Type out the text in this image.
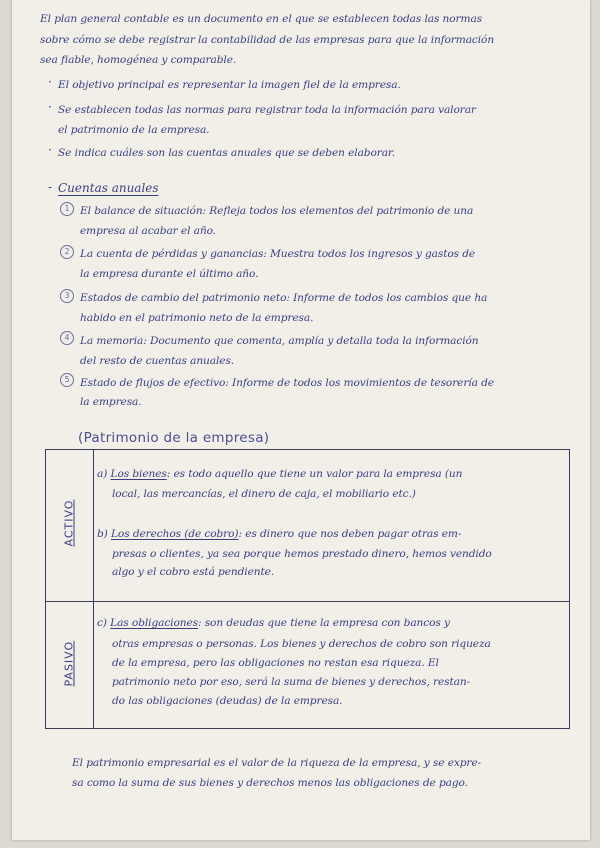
El plan general contable es un documento en el que se establecen todas las normas
sobre cómo se debe registrar la contabilidad de las empresas para que la información
sea fiable, homogénea y comparable.
· El objetivo principal es representar la imagen fiel de la empresa.
· Se establecen todas las normas para registrar toda la información para valorar
el patrimonio de la empresa.
· Se indica cuáles son las cuentas anuales que se deben elaborar.
- Cuentas anuales
1 El balance de situación: Refleja todos los elementos del patrimonio de una
empresa al acabar el año.
2 La cuenta de pérdidas y ganancias: Muestra todos los ingresos y gastos de
la empresa durante el último año.
3 Estados de cambio del patrimonio neto: Informe de todos los cambios que ha
habido en el patrimonio neto de la empresa.
4 La memoria: Documento que comenta, amplía y detalla toda la información
del resto de cuentas anuales.
5 Estado de flujos de efectivo: Informe de todos los movimientos de tesorería de
la empresa.
(Patrimonio de la empresa)
ACTIVO
PASIVO
a) Los bienes: es todo aquello que tiene un valor para la empresa (un
local, las mercancías, el dinero de caja, el mobiliario etc.)
b) Los derechos (de cobro): es dinero que nos deben pagar otras em-
presas o clientes, ya sea porque hemos prestado dinero, hemos vendido
algo y el cobro está pendiente.
c) Las obligaciones: son deudas que tiene la empresa con bancos y
otras empresas o personas. Los bienes y derechos de cobro son riqueza
de la empresa, pero las obligaciones no restan esa riqueza. El
patrimonio neto por eso, será la suma de bienes y derechos, restan-
do las obligaciones (deudas) de la empresa.
El patrimonio empresarial es el valor de la riqueza de la empresa, y se expre-
sa como la suma de sus bienes y derechos menos las obligaciones de pago.
